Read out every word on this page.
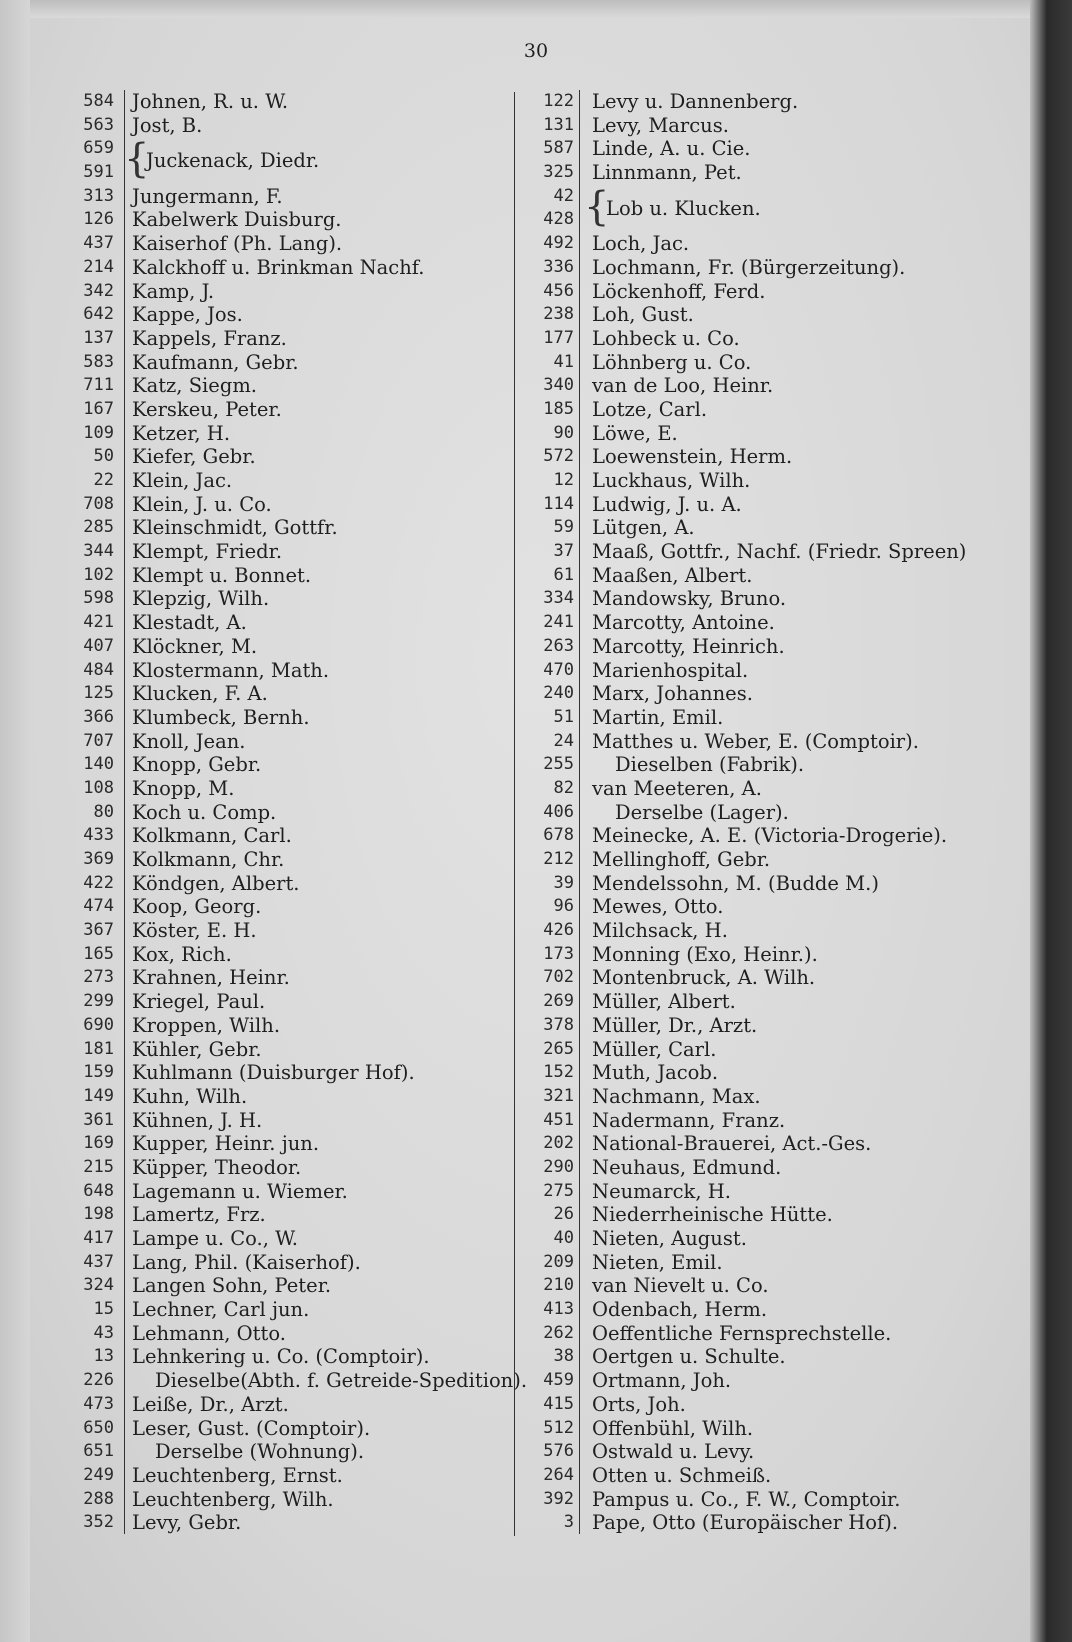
30
584 Johnen, R. u. W.
563 Jost, B.
659 {
Juckenack, Diedr.
591
313 Jungermann, F.
126 Kabelwerk Duisburg.
437 Kaiserhof (Ph. Lang).
214 Kalckhoff u. Brinkman Nachf.
342 Kamp, J.
642 Kappe, Jos.
137 Kappels, Franz.
583 Kaufmann, Gebr.
711 Katz, Siegm.
167 Kerskeu, Peter.
109 Ketzer, H.
50 Kiefer, Gebr.
22 Klein, Jac.
708 Klein, J. u. Co.
285 Kleinschmidt, Gottfr.
344 Klempt, Friedr.
102 Klempt u. Bonnet.
598 Klepzig, Wilh.
421 Klestadt, A.
407 Klöckner, M.
484 Klostermann, Math.
125 Klucken, F. A.
366 Klumbeck, Bernh.
707 Knoll, Jean.
140 Knopp, Gebr.
108 Knopp, M.
80 Koch u. Comp.
433 Kolkmann, Carl.
369 Kolkmann, Chr.
422 Köndgen, Albert.
474 Koop, Georg.
367 Köster, E. H.
165 Kox, Rich.
273 Krahnen, Heinr.
299 Kriegel, Paul.
690 Kroppen, Wilh.
181 Kühler, Gebr.
159 Kuhlmann (Duisburger Hof).
149 Kuhn, Wilh.
361 Kühnen, J. H.
169 Kupper, Heinr. jun.
215 Küpper, Theodor.
648 Lagemann u. Wiemer.
198 Lamertz, Frz.
417 Lampe u. Co., W.
437 Lang, Phil. (Kaiserhof).
324 Langen Sohn, Peter.
15 Lechner, Carl jun.
43 Lehmann, Otto.
13 Lehnkering u. Co. (Comptoir).
226 Dieselbe(Abth. f. Getreide-Spedition).
473 Leiße, Dr., Arzt.
650 Leser, Gust. (Comptoir).
651 Derselbe (Wohnung).
249 Leuchtenberg, Ernst.
288 Leuchtenberg, Wilh.
352 Levy, Gebr.
122 Levy u. Dannenberg.
131 Levy, Marcus.
587 Linde, A. u. Cie.
325 Linnmann, Pet.
42 {
Lob u. Klucken.
428
492 Loch, Jac.
336 Lochmann, Fr. (Bürgerzeitung).
456 Löckenhoff, Ferd.
238 Loh, Gust.
177 Lohbeck u. Co.
41 Löhnberg u. Co.
340 van de Loo, Heinr.
185 Lotze, Carl.
90 Löwe, E.
572 Loewenstein, Herm.
12 Luckhaus, Wilh.
114 Ludwig, J. u. A.
59 Lütgen, A.
37 Maaß, Gottfr., Nachf. (Friedr. Spreen)
61 Maaßen, Albert.
334 Mandowsky, Bruno.
241 Marcotty, Antoine.
263 Marcotty, Heinrich.
470 Marienhospital.
240 Marx, Johannes.
51 Martin, Emil.
24 Matthes u. Weber, E. (Comptoir).
255 Dieselben (Fabrik).
82 van Meeteren, A.
406 Derselbe (Lager).
678 Meinecke, A. E. (Victoria-Drogerie).
212 Mellinghoff, Gebr.
39 Mendelssohn, M. (Budde M.)
96 Mewes, Otto.
426 Milchsack, H.
173 Monning (Exo, Heinr.).
702 Montenbruck, A. Wilh.
269 Müller, Albert.
378 Müller, Dr., Arzt.
265 Müller, Carl.
152 Muth, Jacob.
321 Nachmann, Max.
451 Nadermann, Franz.
202 National-Brauerei, Act.-Ges.
290 Neuhaus, Edmund.
275 Neumarck, H.
26 Niederrheinische Hütte.
40 Nieten, August.
209 Nieten, Emil.
210 van Nievelt u. Co.
413 Odenbach, Herm.
262 Oeffentliche Fernsprechstelle.
38 Oertgen u. Schulte.
459 Ortmann, Joh.
415 Orts, Joh.
512 Offenbühl, Wilh.
576 Ostwald u. Levy.
264 Otten u. Schmeiß.
392 Pampus u. Co., F. W., Comptoir.
3 Pape, Otto (Europäischer Hof).
